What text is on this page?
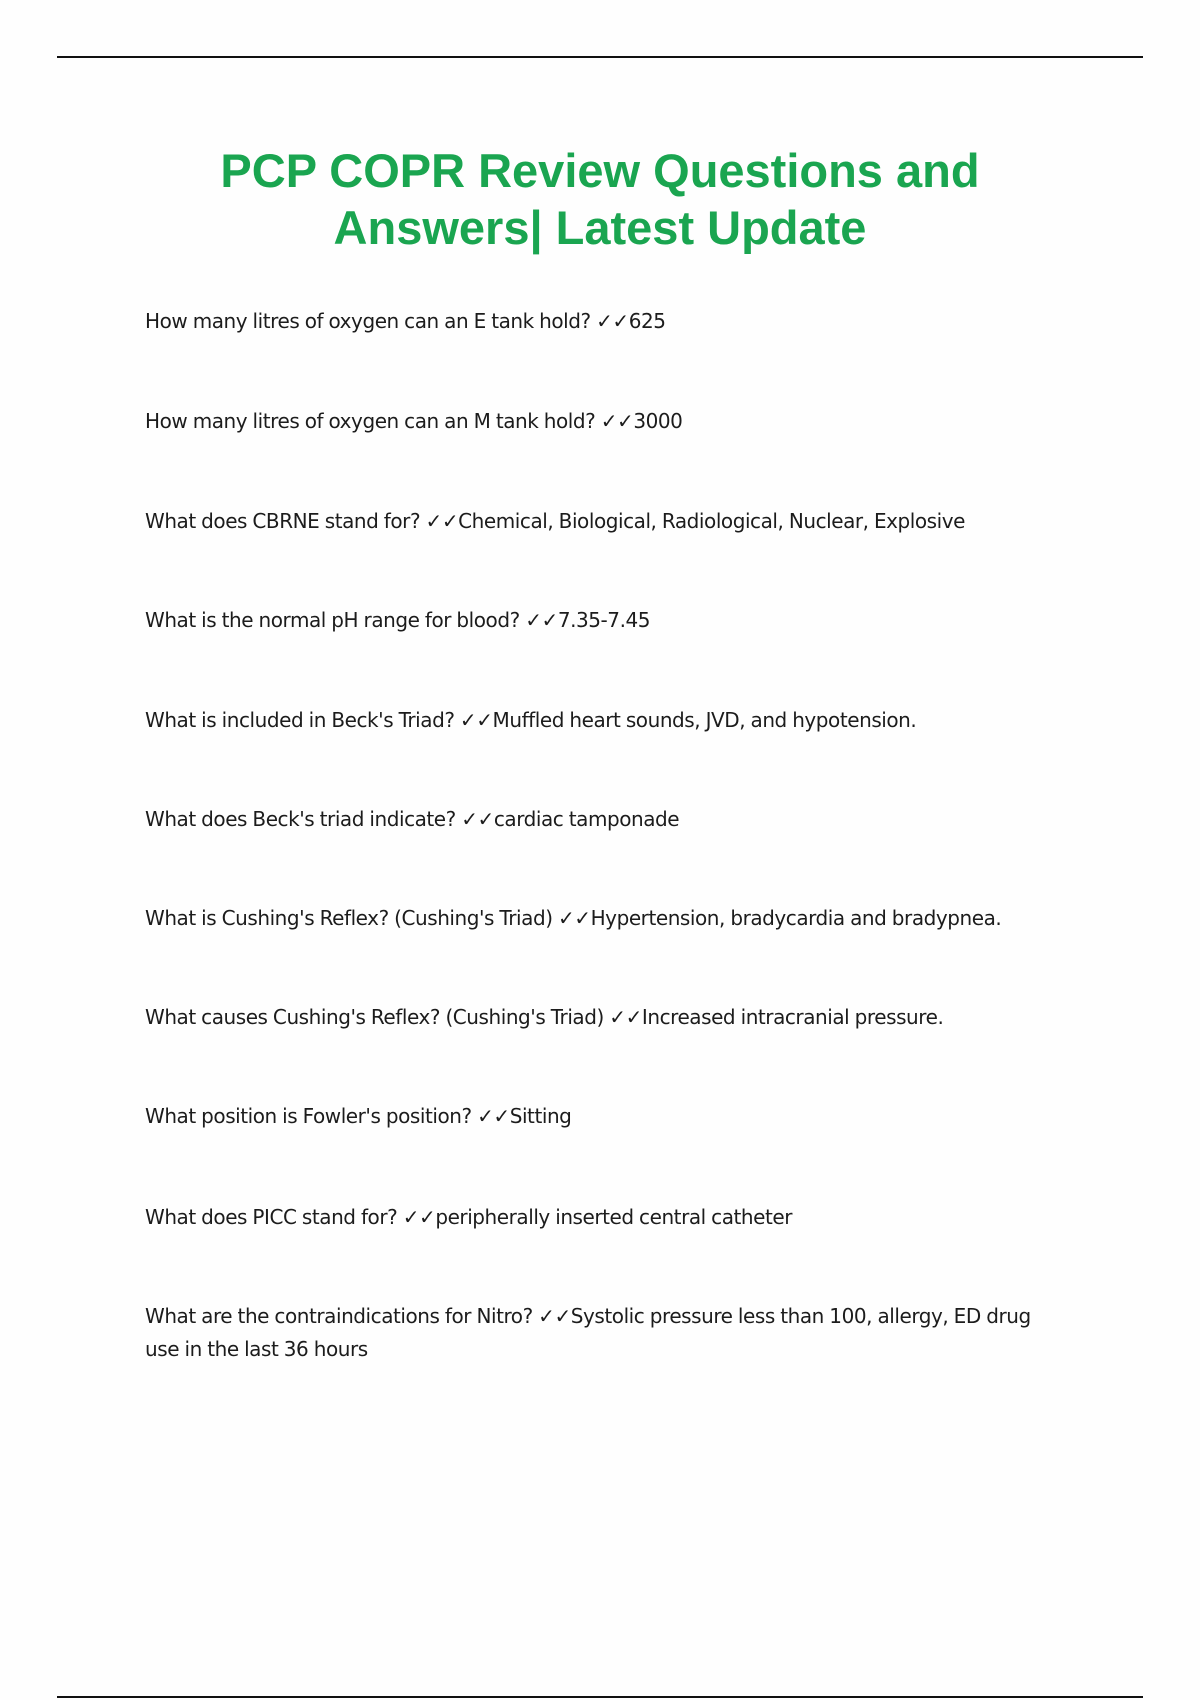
PCP COPR Review Questions and
Answers| Latest Update
How many litres of oxygen can an E tank hold? ✓✓625
How many litres of oxygen can an M tank hold? ✓✓3000
What does CBRNE stand for? ✓✓Chemical, Biological, Radiological, Nuclear, Explosive
What is the normal pH range for blood? ✓✓7.35-7.45
What is included in Beck's Triad? ✓✓Muffled heart sounds, JVD, and hypotension.
What does Beck's triad indicate? ✓✓cardiac tamponade
What is Cushing's Reflex? (Cushing's Triad) ✓✓Hypertension, bradycardia and bradypnea.
What causes Cushing's Reflex? (Cushing's Triad) ✓✓Increased intracranial pressure.
What position is Fowler's position? ✓✓Sitting
What does PICC stand for? ✓✓peripherally inserted central catheter
What are the contraindications for Nitro? ✓✓Systolic pressure less than 100, allergy, ED drug use in the last 36 hours
